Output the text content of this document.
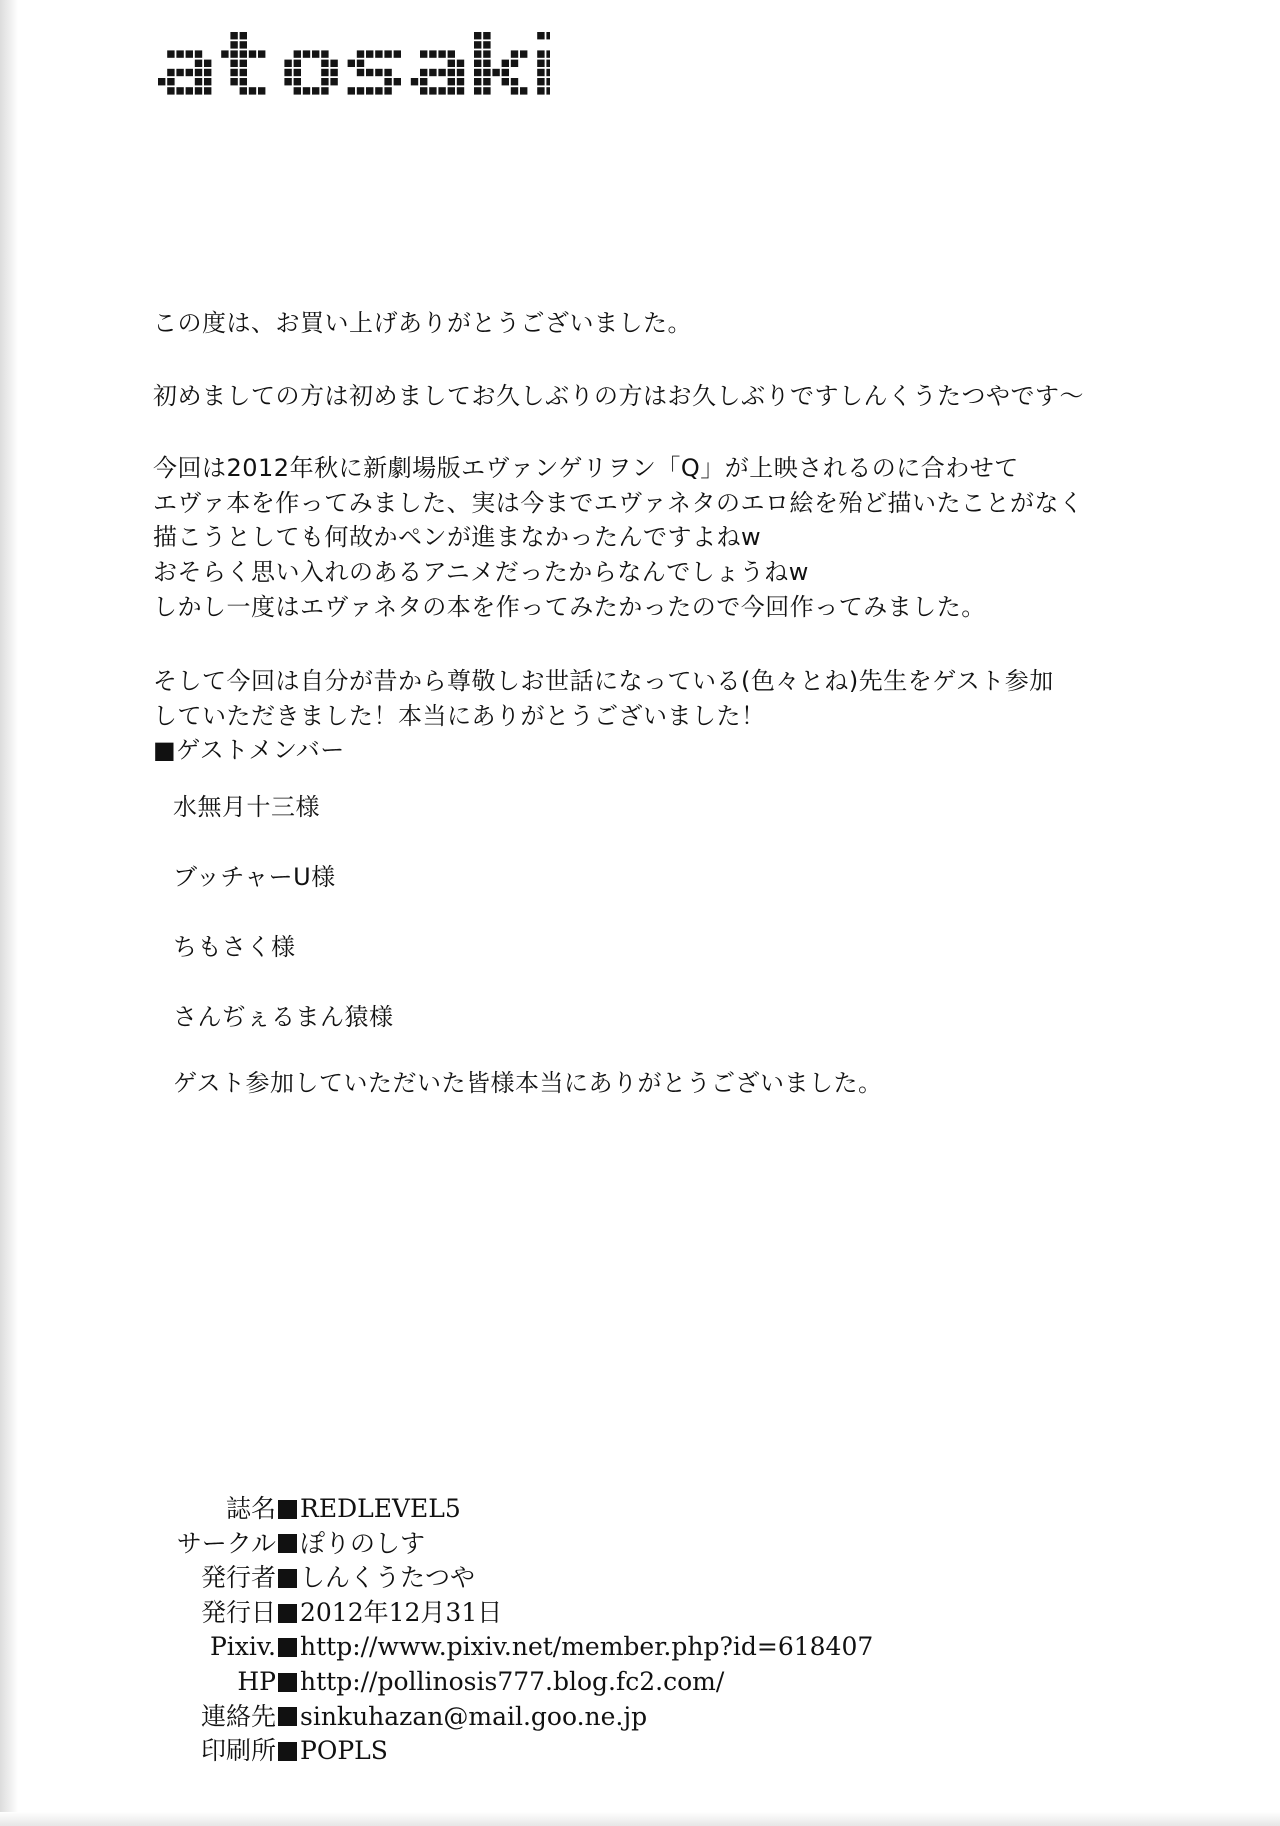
この度は、お買い上げありがとうございました。

初めましての方は初めましてお久しぶりの方はお久しぶりですしんくうたつやです～

今回は2012年秋に新劇場版エヴァンゲリヲン「Q」が上映されるのに合わせて

エヴァ本を作ってみました、実は今までエヴァネタのエロ絵を殆ど描いたことがなく

描こうとしても何故かペンが進まなかったんですよねw

おそらく思い入れのあるアニメだったからなんでしょうねw

しかし一度はエヴァネタの本を作ってみたかったので今回作ってみました。

そして今回は自分が昔から尊敬しお世話になっている(色々とね)先生をゲスト参加

していただきました！本当にありがとうございました！

■ゲストメンバー

水無月十三様
ブッチャーU様
ちもさく様
さんぢぇるまん猿様
ゲスト参加していただいた皆様本当にありがとうございました。
誌名 REDLEVEL5
サークル ぽりのしす
発行者 しんくうたつや
発行日 2012年12月31日
Pixiv. http://www.pixiv.net/member.php?id=618407
HP http://pollinosis777.blog.fc2.com/
連絡先 sinkuhazan@mail.goo.ne.jp
印刷所 POPLS
